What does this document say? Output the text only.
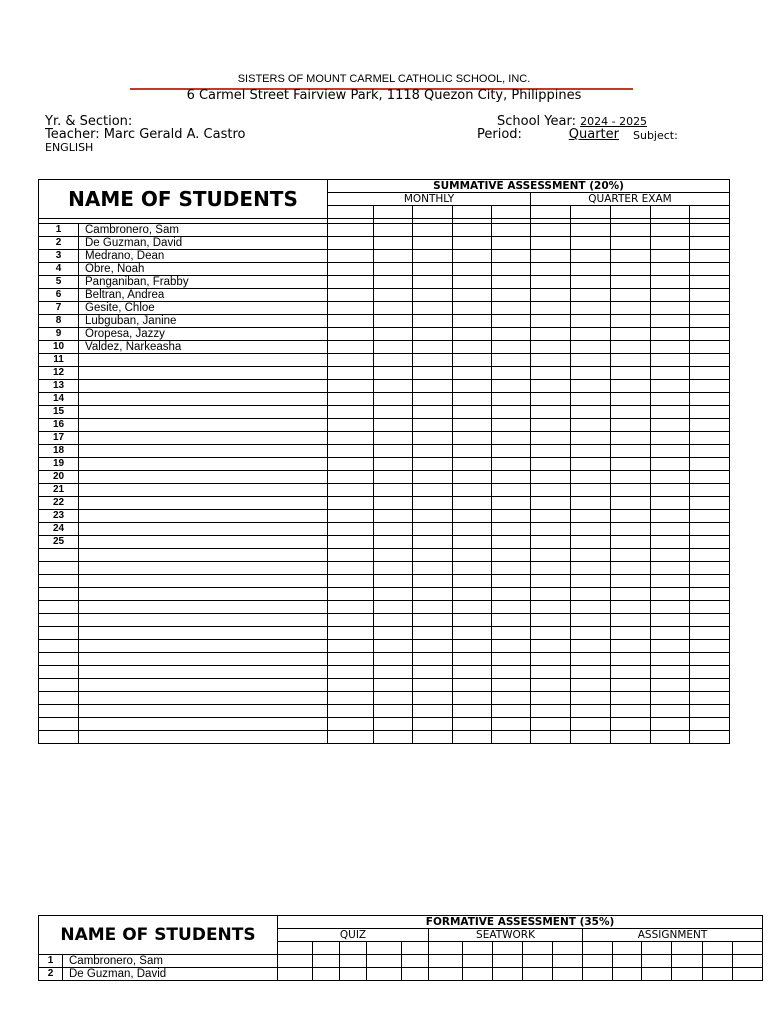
SISTERS OF MOUNT CARMEL CATHOLIC SCHOOL, INC.
6 Carmel Street Fairview Park, 1118 Quezon City, Philippines
Yr. & Section:
Teacher: Marc Gerald A. Castro
ENGLISH
School Year: 2024 - 2025
Period:	Quarter Subject:
NAME OF STUDENTS		SUMMATIVE ASSESSMENT (20%)									
		MONTHLY					QUARTER EXAM				

1	Cambronero, Sam										
2	De Guzman, David										
3	Medrano, Dean										
4	Obre, Noah										
5	Panganiban, Frabby										
6	Beltran, Andrea										
7	Gesite, Chloe										
8	Lubguban, Janine										
9	Oropesa, Jazzy										
10	Valdez, Narkeasha										
11											
12											
13											
14											
15											
16											
17											
18											
19											
20											
21											
22											
23											
24											
25											

NAME OF STUDENTS		FORMATIVE ASSESSMENT (35%)															
		QUIZ					SEATWORK					ASSIGNMENT					

1	Cambronero, Sam																
2	De Guzman, David																
